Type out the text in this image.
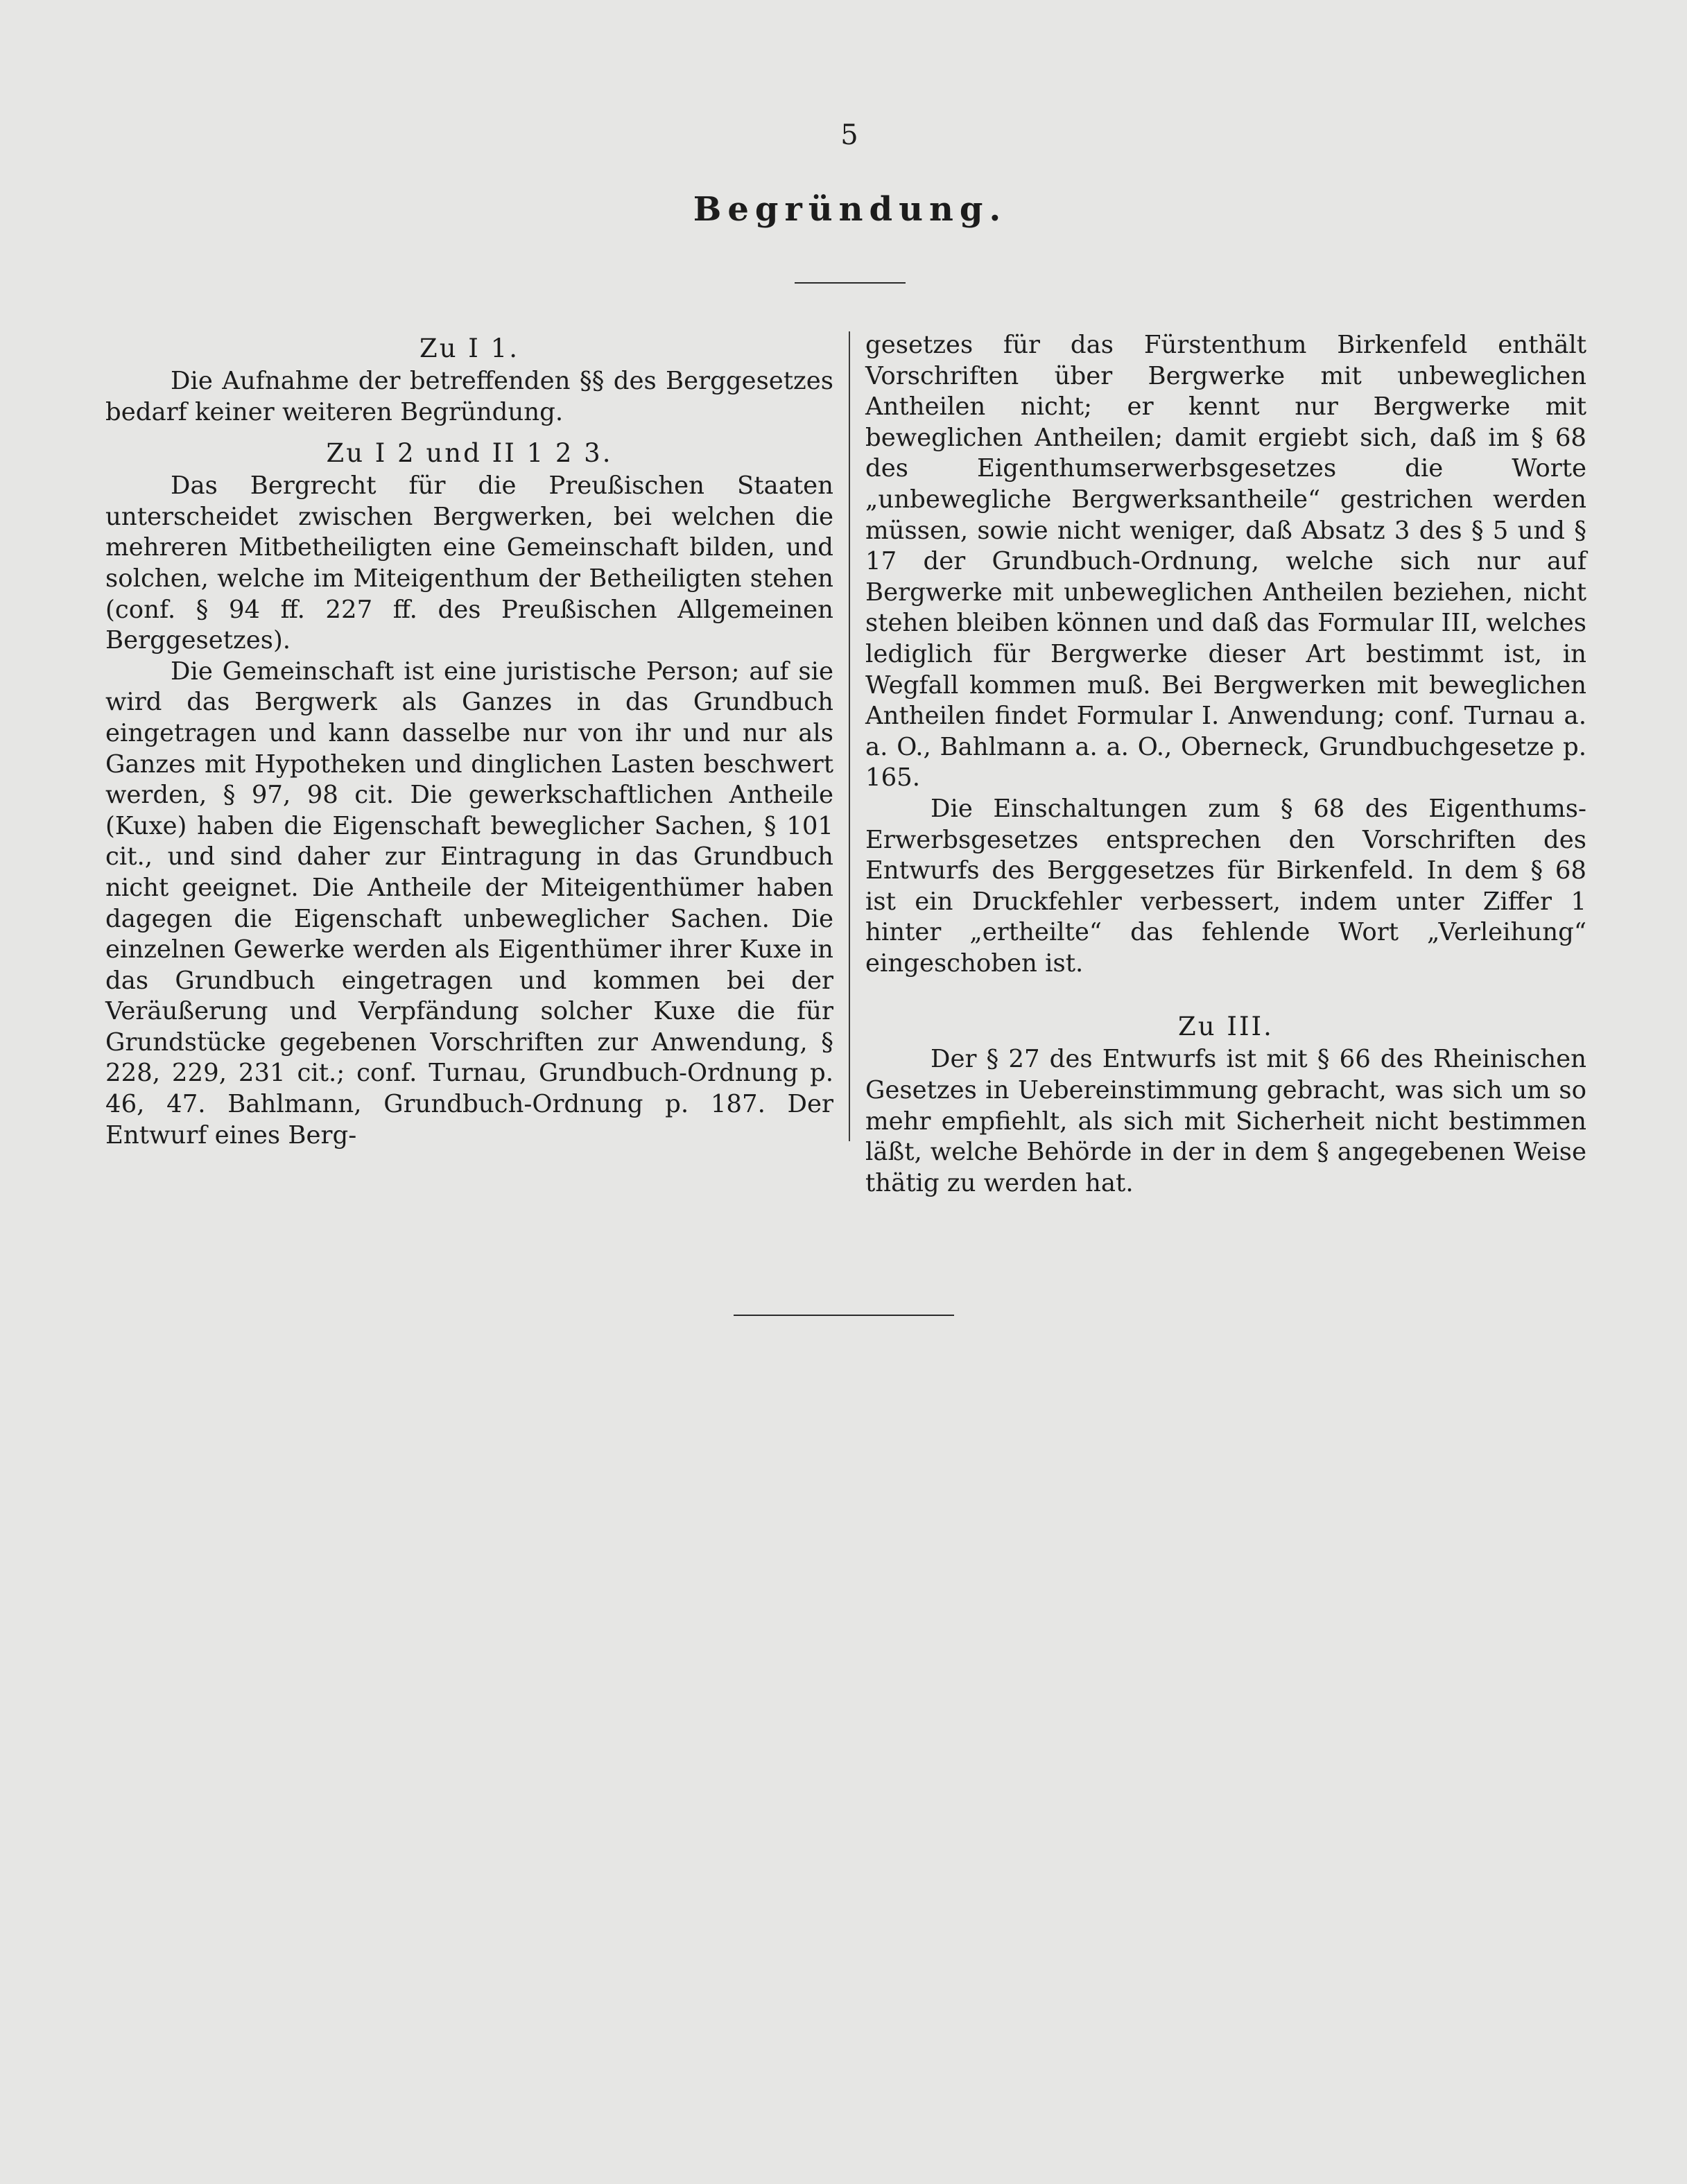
5
Begründung.
Zu I 1.

Die Aufnahme der betreffenden §§ des Berggesetzes bedarf keiner weiteren Begründung.

Zu I 2 und II 1 2 3.

Das Bergrecht für die Preußischen Staaten unterscheidet zwischen Bergwerken, bei welchen die mehreren Mitbetheiligten eine Gemeinschaft bilden, und solchen, welche im Miteigenthum der Betheiligten stehen (conf. § 94 ff. 227 ff. des Preußischen Allgemeinen Berggesetzes).

Die Gemeinschaft ist eine juristische Person; auf sie wird das Bergwerk als Ganzes in das Grundbuch eingetragen und kann dasselbe nur von ihr und nur als Ganzes mit Hypotheken und dinglichen Lasten beschwert werden, § 97, 98 cit. Die gewerkschaftlichen Antheile (Kuxe) haben die Eigenschaft beweglicher Sachen, § 101 cit., und sind daher zur Eintragung in das Grundbuch nicht geeignet. Die Antheile der Miteigenthümer haben dagegen die Eigenschaft unbeweglicher Sachen. Die einzelnen Gewerke werden als Eigenthümer ihrer Kuxe in das Grundbuch eingetragen und kommen bei der Veräußerung und Verpfändung solcher Kuxe die für Grundstücke gegebenen Vorschriften zur Anwendung, § 228, 229, 231 cit.; conf. Turnau, Grundbuch-Ordnung p. 46, 47. Bahlmann, Grundbuch-Ordnung p. 187. Der Entwurf eines Berg-

gesetzes für das Fürstenthum Birkenfeld enthält Vorschriften über Bergwerke mit unbeweglichen Antheilen nicht; er kennt nur Bergwerke mit beweglichen Antheilen; damit ergiebt sich, daß im § 68 des Eigenthumserwerbsgesetzes die Worte „unbewegliche Bergwerksantheile“ gestrichen werden müssen, sowie nicht weniger, daß Absatz 3 des § 5 und § 17 der Grundbuch-Ordnung, welche sich nur auf Bergwerke mit unbeweglichen Antheilen beziehen, nicht stehen bleiben können und daß das Formular III, welches lediglich für Bergwerke dieser Art bestimmt ist, in Wegfall kommen muß. Bei Bergwerken mit beweglichen Antheilen findet Formular I. Anwendung; conf. Turnau a. a. O., Bahlmann a. a. O., Oberneck, Grundbuchgesetze p. 165.

Die Einschaltungen zum § 68 des Eigenthums-Erwerbsgesetzes entsprechen den Vorschriften des Entwurfs des Berggesetzes für Birkenfeld. In dem § 68 ist ein Druckfehler verbessert, indem unter Ziffer 1 hinter „ertheilte“ das fehlende Wort „Verleihung“ eingeschoben ist.

Zu III.

Der § 27 des Entwurfs ist mit § 66 des Rheinischen Gesetzes in Uebereinstimmung gebracht, was sich um so mehr empfiehlt, als sich mit Sicherheit nicht bestimmen läßt, welche Behörde in der in dem § angegebenen Weise thätig zu werden hat.
